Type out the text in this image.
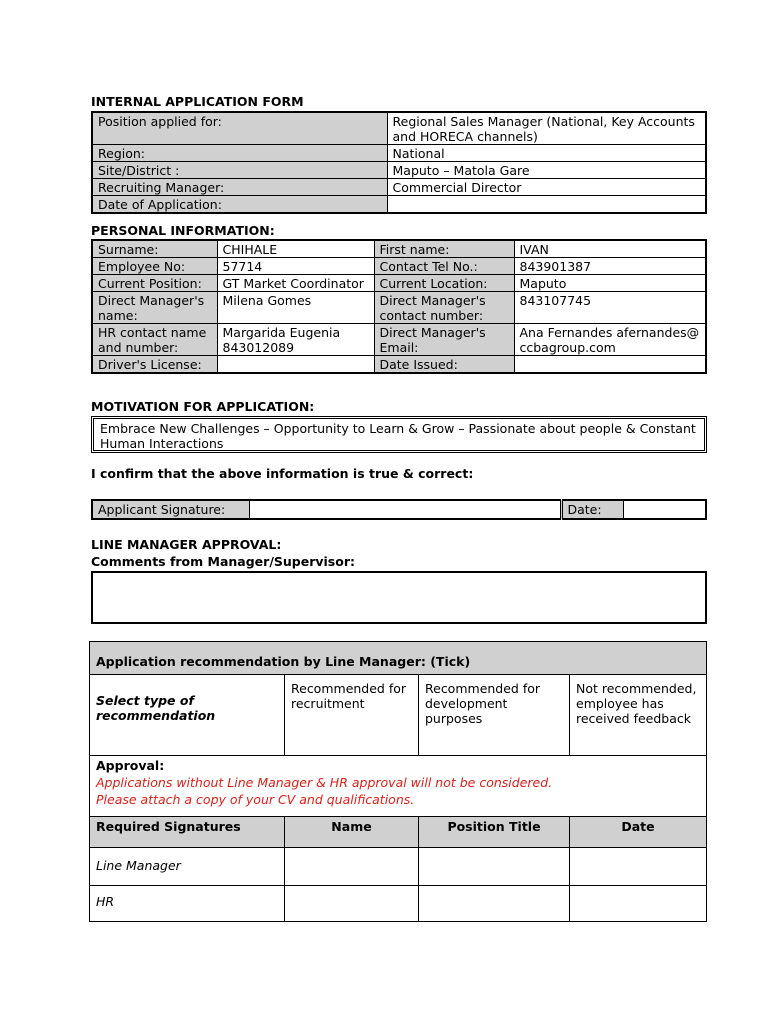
INTERNAL APPLICATION FORM
Position applied for:	Regional Sales Manager (National, Key Accounts and HORECA channels)
Region:	National
Site/District :	Maputo – Matola Gare
Recruiting Manager:	Commercial Director
Date of Application:	
PERSONAL INFORMATION:
Surname:	CHIHALE	First name:	IVAN
Employee No:	57714	Contact Tel No.:	843901387
Current Position:	GT Market Coordinator	Current Location:	Maputo
Direct Manager's name:	Milena Gomes	Direct Manager's contact number:	843107745
HR contact name and number:	Margarida Eugenia 843012089	Direct Manager's Email:	Ana Fernandes afernandes@ccbagroup.com
Driver's License:		Date Issued:	
MOTIVATION FOR APPLICATION:
Embrace New Challenges – Opportunity to Learn & Grow – Passionate about people & Constant Human Interactions
I confirm that the above information is true & correct:
Applicant Signature:		Date:	
LINE MANAGER APPROVAL:
Comments from Manager/Supervisor:
Application recommendation by Line Manager: (Tick)			
Select type of recommendation	Recommended for recruitment	Recommended for development purposes	Not recommended, employee has received feedback

Approval:
Applications without Line Manager & HR approval will not be considered.
Please attach a copy of your CV and qualifications.			

Required Signatures	Name	Position Title	Date
Line Manager			
HR			
